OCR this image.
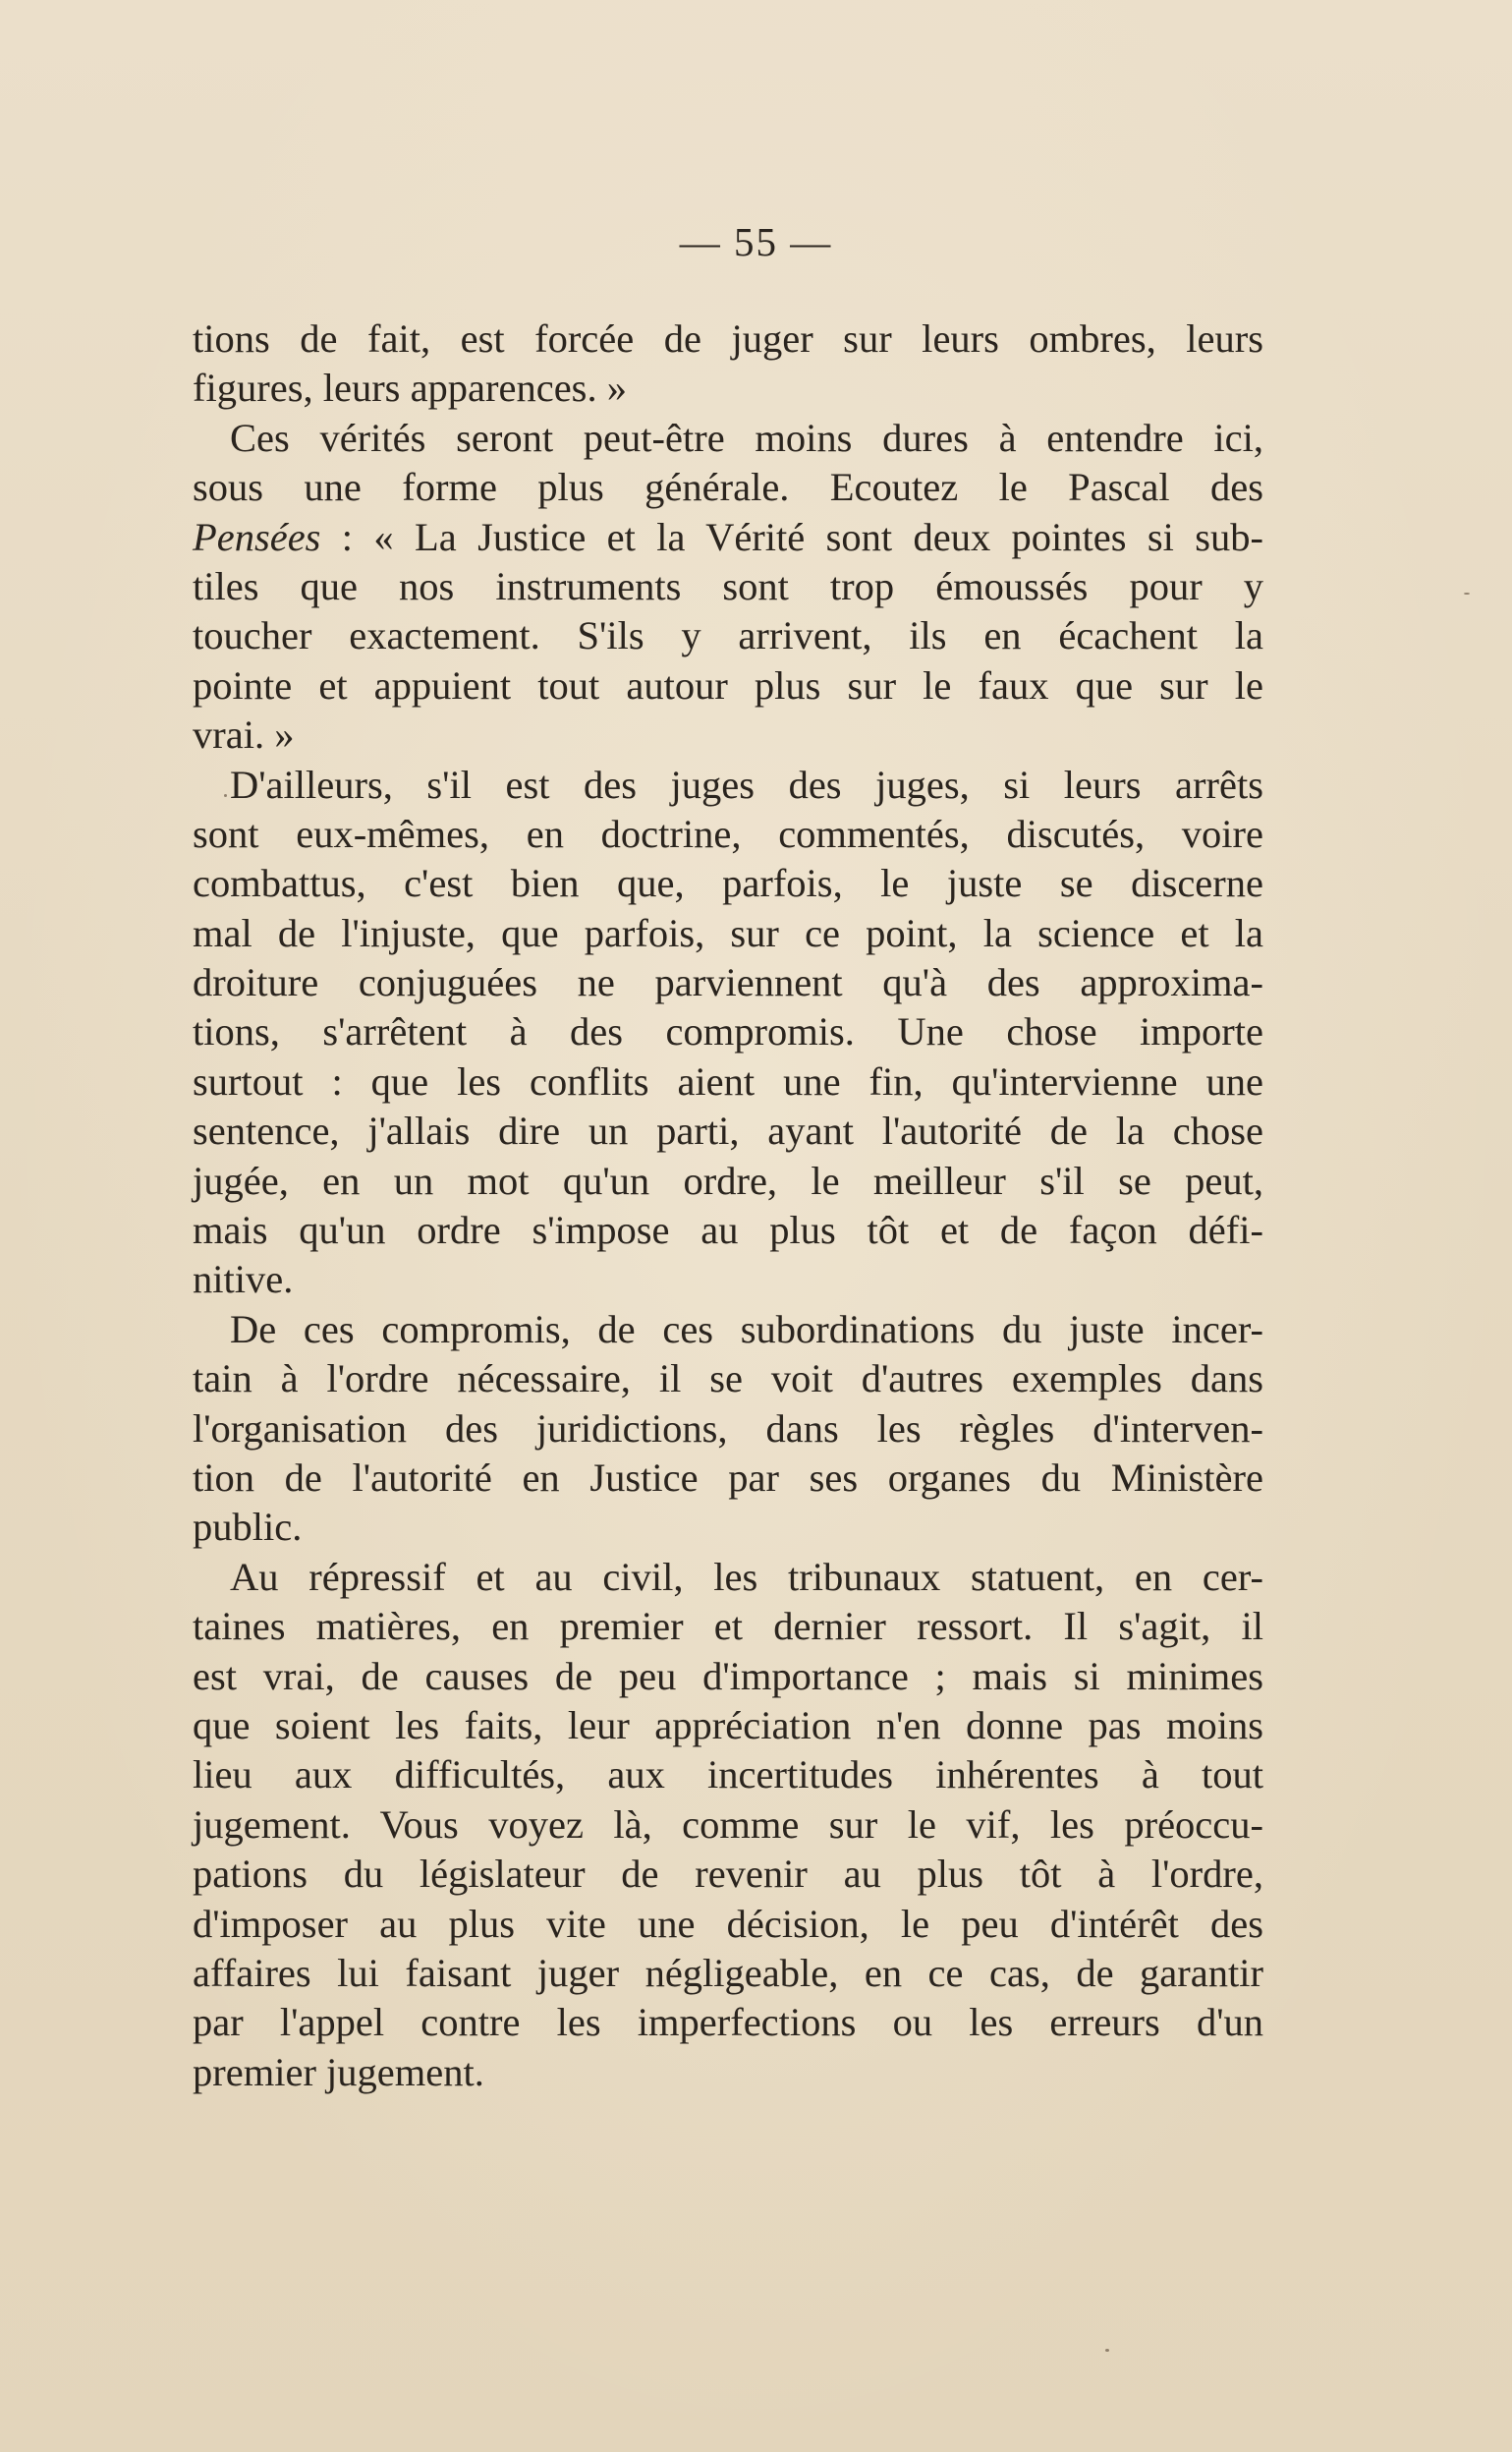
— 55 —
tions de fait, est forcée de juger sur leurs ombres, leurs
figures, leurs apparences. »
Ces vérités seront peut-être moins dures à entendre ici,
sous une forme plus générale. Ecoutez le Pascal des
Pensées : « La Justice et la Vérité sont deux pointes si sub-
tiles que nos instruments sont trop émoussés pour y
toucher exactement. S'ils y arrivent, ils en écachent la
pointe et appuient tout autour plus sur le faux que sur le
vrai. »
D'ailleurs, s'il est des juges des juges, si leurs arrêts
sont eux-mêmes, en doctrine, commentés, discutés, voire
combattus, c'est bien que, parfois, le juste se discerne
mal de l'injuste, que parfois, sur ce point, la science et la
droiture conjuguées ne parviennent qu'à des approxima-
tions, s'arrêtent à des compromis. Une chose importe
surtout : que les conflits aient une fin, qu'intervienne une
sentence, j'allais dire un parti, ayant l'autorité de la chose
jugée, en un mot qu'un ordre, le meilleur s'il se peut,
mais qu'un ordre s'impose au plus tôt et de façon défi-
nitive.
De ces compromis, de ces subordinations du juste incer-
tain à l'ordre nécessaire, il se voit d'autres exemples dans
l'organisation des juridictions, dans les règles d'interven-
tion de l'autorité en Justice par ses organes du Ministère
public.
Au répressif et au civil, les tribunaux statuent, en cer-
taines matières, en premier et dernier ressort. Il s'agit, il
est vrai, de causes de peu d'importance ; mais si minimes
que soient les faits, leur appréciation n'en donne pas moins
lieu aux difficultés, aux incertitudes inhérentes à tout
jugement. Vous voyez là, comme sur le vif, les préoccu-
pations du législateur de revenir au plus tôt à l'ordre,
d'imposer au plus vite une décision, le peu d'intérêt des
affaires lui faisant juger négligeable, en ce cas, de garantir
par l'appel contre les imperfections ou les erreurs d'un
premier jugement.
